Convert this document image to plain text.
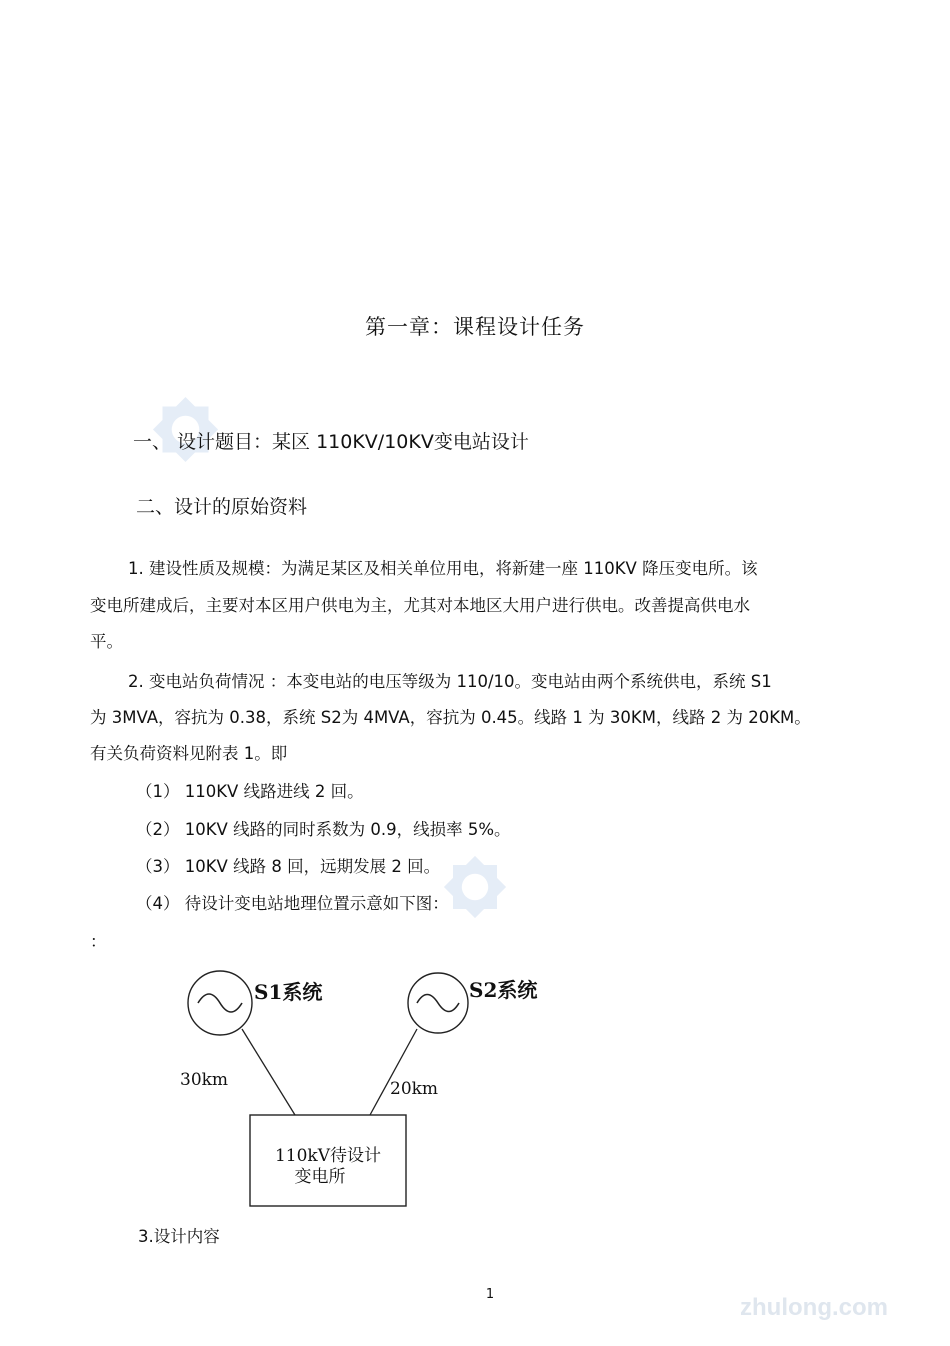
第一章：课程设计任务
一、 设计题目：某区 110KV/10KV变电站设计
二、设计的原始资料
1. 建设性质及规模：为满足某区及相关单位用电，将新建一座 110KV 降压变电所。该
变电所建成后，主要对本区用户供电为主，尤其对本地区大用户进行供电。改善提高供电水
平。
2. 变电站负荷情况 ：本变电站的电压等级为 110/10。变电站由两个系统供电，系统 S1
为 3MVA，容抗为 0.38，系统 S2为 4MVA，容抗为 0.45。线路 1 为 30KM，线路 2 为 20KM。
有关负荷资料见附表 1。即
（1） 110KV 线路进线 2 回。
（2） 10KV 线路的同时系数为 0.9，线损率 5%。
（3） 10KV 线路 8 回，远期发展 2 回。
（4） 待设计变电站地理位置示意如下图：
：
S1系统	S2系统
30km	20km
110kV待设计
变电所
3.设计内容
1	zhulong.com
